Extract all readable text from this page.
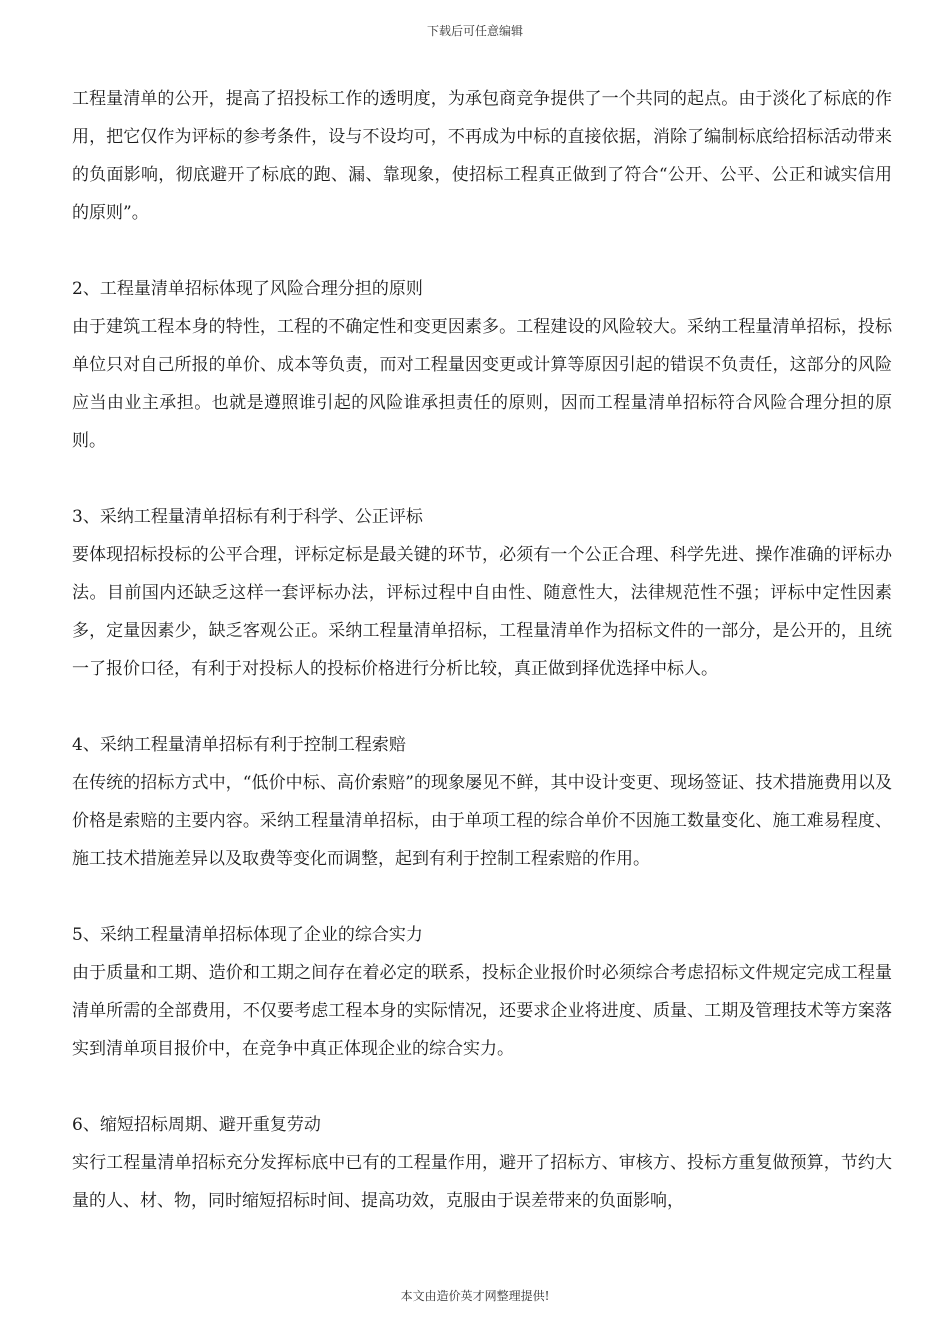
下载后可任意编辑

工程量清单的公开，提高了招投标工作的透明度，为承包商竞争提供了一个共同的起点。由于淡化了标底的作用，把它仅作为评标的参考条件，设与不设均可，不再成为中标的直接依据，消除了编制标底给招标活动带来的负面影响，彻底避开了标底的跑、漏、靠现象，使招标工程真正做到了符合“公开、公平、公正和诚实信用的原则”。

2、工程量清单招标体现了风险合理分担的原则

由于建筑工程本身的特性，工程的不确定性和变更因素多。工程建设的风险较大。采纳工程量清单招标，投标单位只对自己所报的单价、成本等负责，而对工程量因变更或计算等原因引起的错误不负责任，这部分的风险应当由业主承担。也就是遵照谁引起的风险谁承担责任的原则，因而工程量清单招标符合风险合理分担的原则。

3、采纳工程量清单招标有利于科学、公正评标

要体现招标投标的公平合理，评标定标是最关键的环节，必须有一个公正合理、科学先进、操作准确的评标办法。目前国内还缺乏这样一套评标办法，评标过程中自由性、随意性大，法律规范性不强；评标中定性因素多，定量因素少，缺乏客观公正。采纳工程量清单招标，工程量清单作为招标文件的一部分，是公开的，且统一了报价口径，有利于对投标人的投标价格进行分析比较，真正做到择优选择中标人。

4、采纳工程量清单招标有利于控制工程索赔

在传统的招标方式中，“低价中标、高价索赔”的现象屡见不鲜，其中设计变更、现场签证、技术措施费用以及价格是索赔的主要内容。采纳工程量清单招标，由于单项工程的综合单价不因施工数量变化、施工难易程度、施工技术措施差异以及取费等变化而调整，起到有利于控制工程索赔的作用。

5、采纳工程量清单招标体现了企业的综合实力

由于质量和工期、造价和工期之间存在着必定的联系，投标企业报价时必须综合考虑招标文件规定完成工程量清单所需的全部费用，不仅要考虑工程本身的实际情况，还要求企业将进度、质量、工期及管理技术等方案落实到清单项目报价中，在竞争中真正体现企业的综合实力。

6、缩短招标周期、避开重复劳动

实行工程量清单招标充分发挥标底中已有的工程量作用，避开了招标方、审核方、投标方重复做预算，节约大量的人、材、物，同时缩短招标时间、提高功效，克服由于误差带来的负面影响，

本文由造价英才网整理提供!
